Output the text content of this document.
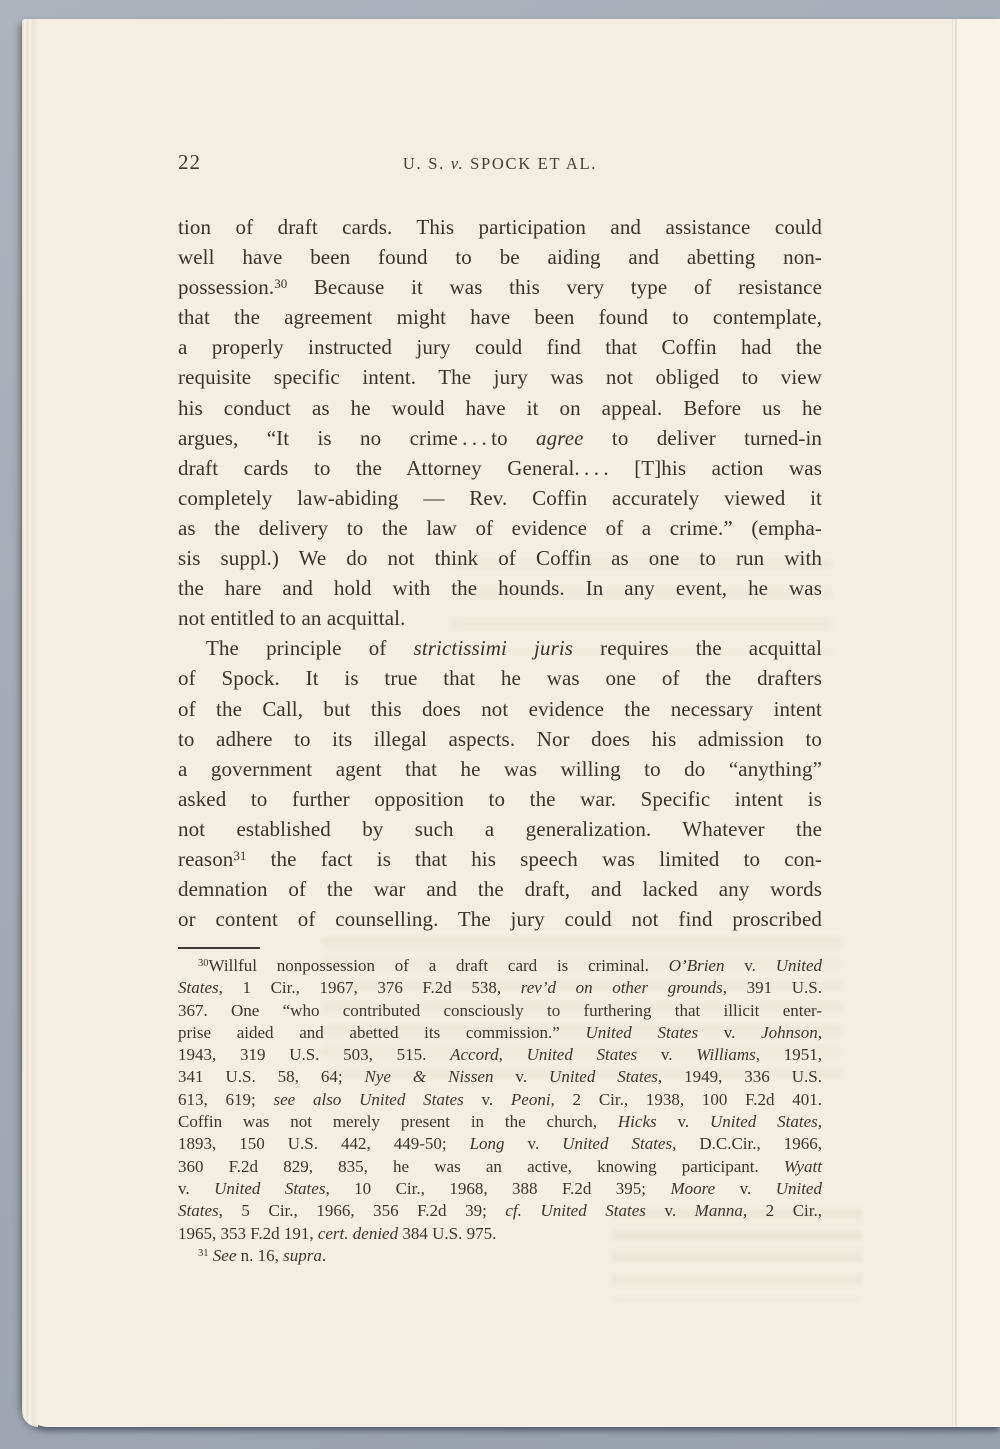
22	U. S. v. SPOCK ET AL.
tion of draft cards. This participation and assistance could
well have been found to be aiding and abetting non-
possession.$^{30}$ Because it was this very type of resistance
that the agreement might have been found to contemplate,
a properly instructed jury could find that Coffin had the
requisite specific intent. The jury was not obliged to view
his conduct as he would have it on appeal. Before us he
argues, “It is no crime . . . to agree to deliver turned-in
draft cards to the Attorney General. . . . [T]his action was
completely law-abiding — Rev. Coffin accurately viewed it
as the delivery to the law of evidence of a crime.” (empha-
sis suppl.) We do not think of Coffin as one to run with
the hare and hold with the hounds. In any event, he was
not entitled to an acquittal.
The principle of strictissimi juris requires the acquittal
of Spock. It is true that he was one of the drafters
of the Call, but this does not evidence the necessary intent
to adhere to its illegal aspects. Nor does his admission to
a government agent that he was willing to do “anything”
asked to further opposition to the war. Specific intent is
not established by such a generalization. Whatever the
reason$^{31}$ the fact is that his speech was limited to con-
demnation of the war and the draft, and lacked any words
or content of counselling. The jury could not find proscribed
$^{30}$Willful nonpossession of a draft card is criminal. O’Brien v. United
States, 1 Cir., 1967, 376 F.2d 538, rev’d on other grounds, 391 U.S.
367. One “who contributed consciously to furthering that illicit enter-
prise aided and abetted its commission.” United States v. Johnson,
1943, 319 U.S. 503, 515. Accord, United States v. Williams, 1951,
341 U.S. 58, 64; Nye & Nissen v. United States, 1949, 336 U.S.
613, 619; see also United States v. Peoni, 2 Cir., 1938, 100 F.2d 401.
Coffin was not merely present in the church, Hicks v. United States,
1893, 150 U.S. 442, 449-50; Long v. United States, D.C.Cir., 1966,
360 F.2d 829, 835, he was an active, knowing participant. Wyatt
v. United States, 10 Cir., 1968, 388 F.2d 395; Moore v. United
States, 5 Cir., 1966, 356 F.2d 39; cf. United States v. Manna, 2 Cir.,
1965, 353 F.2d 191, cert. denied 384 U.S. 975.
$^{31}$ See n. 16, supra.
